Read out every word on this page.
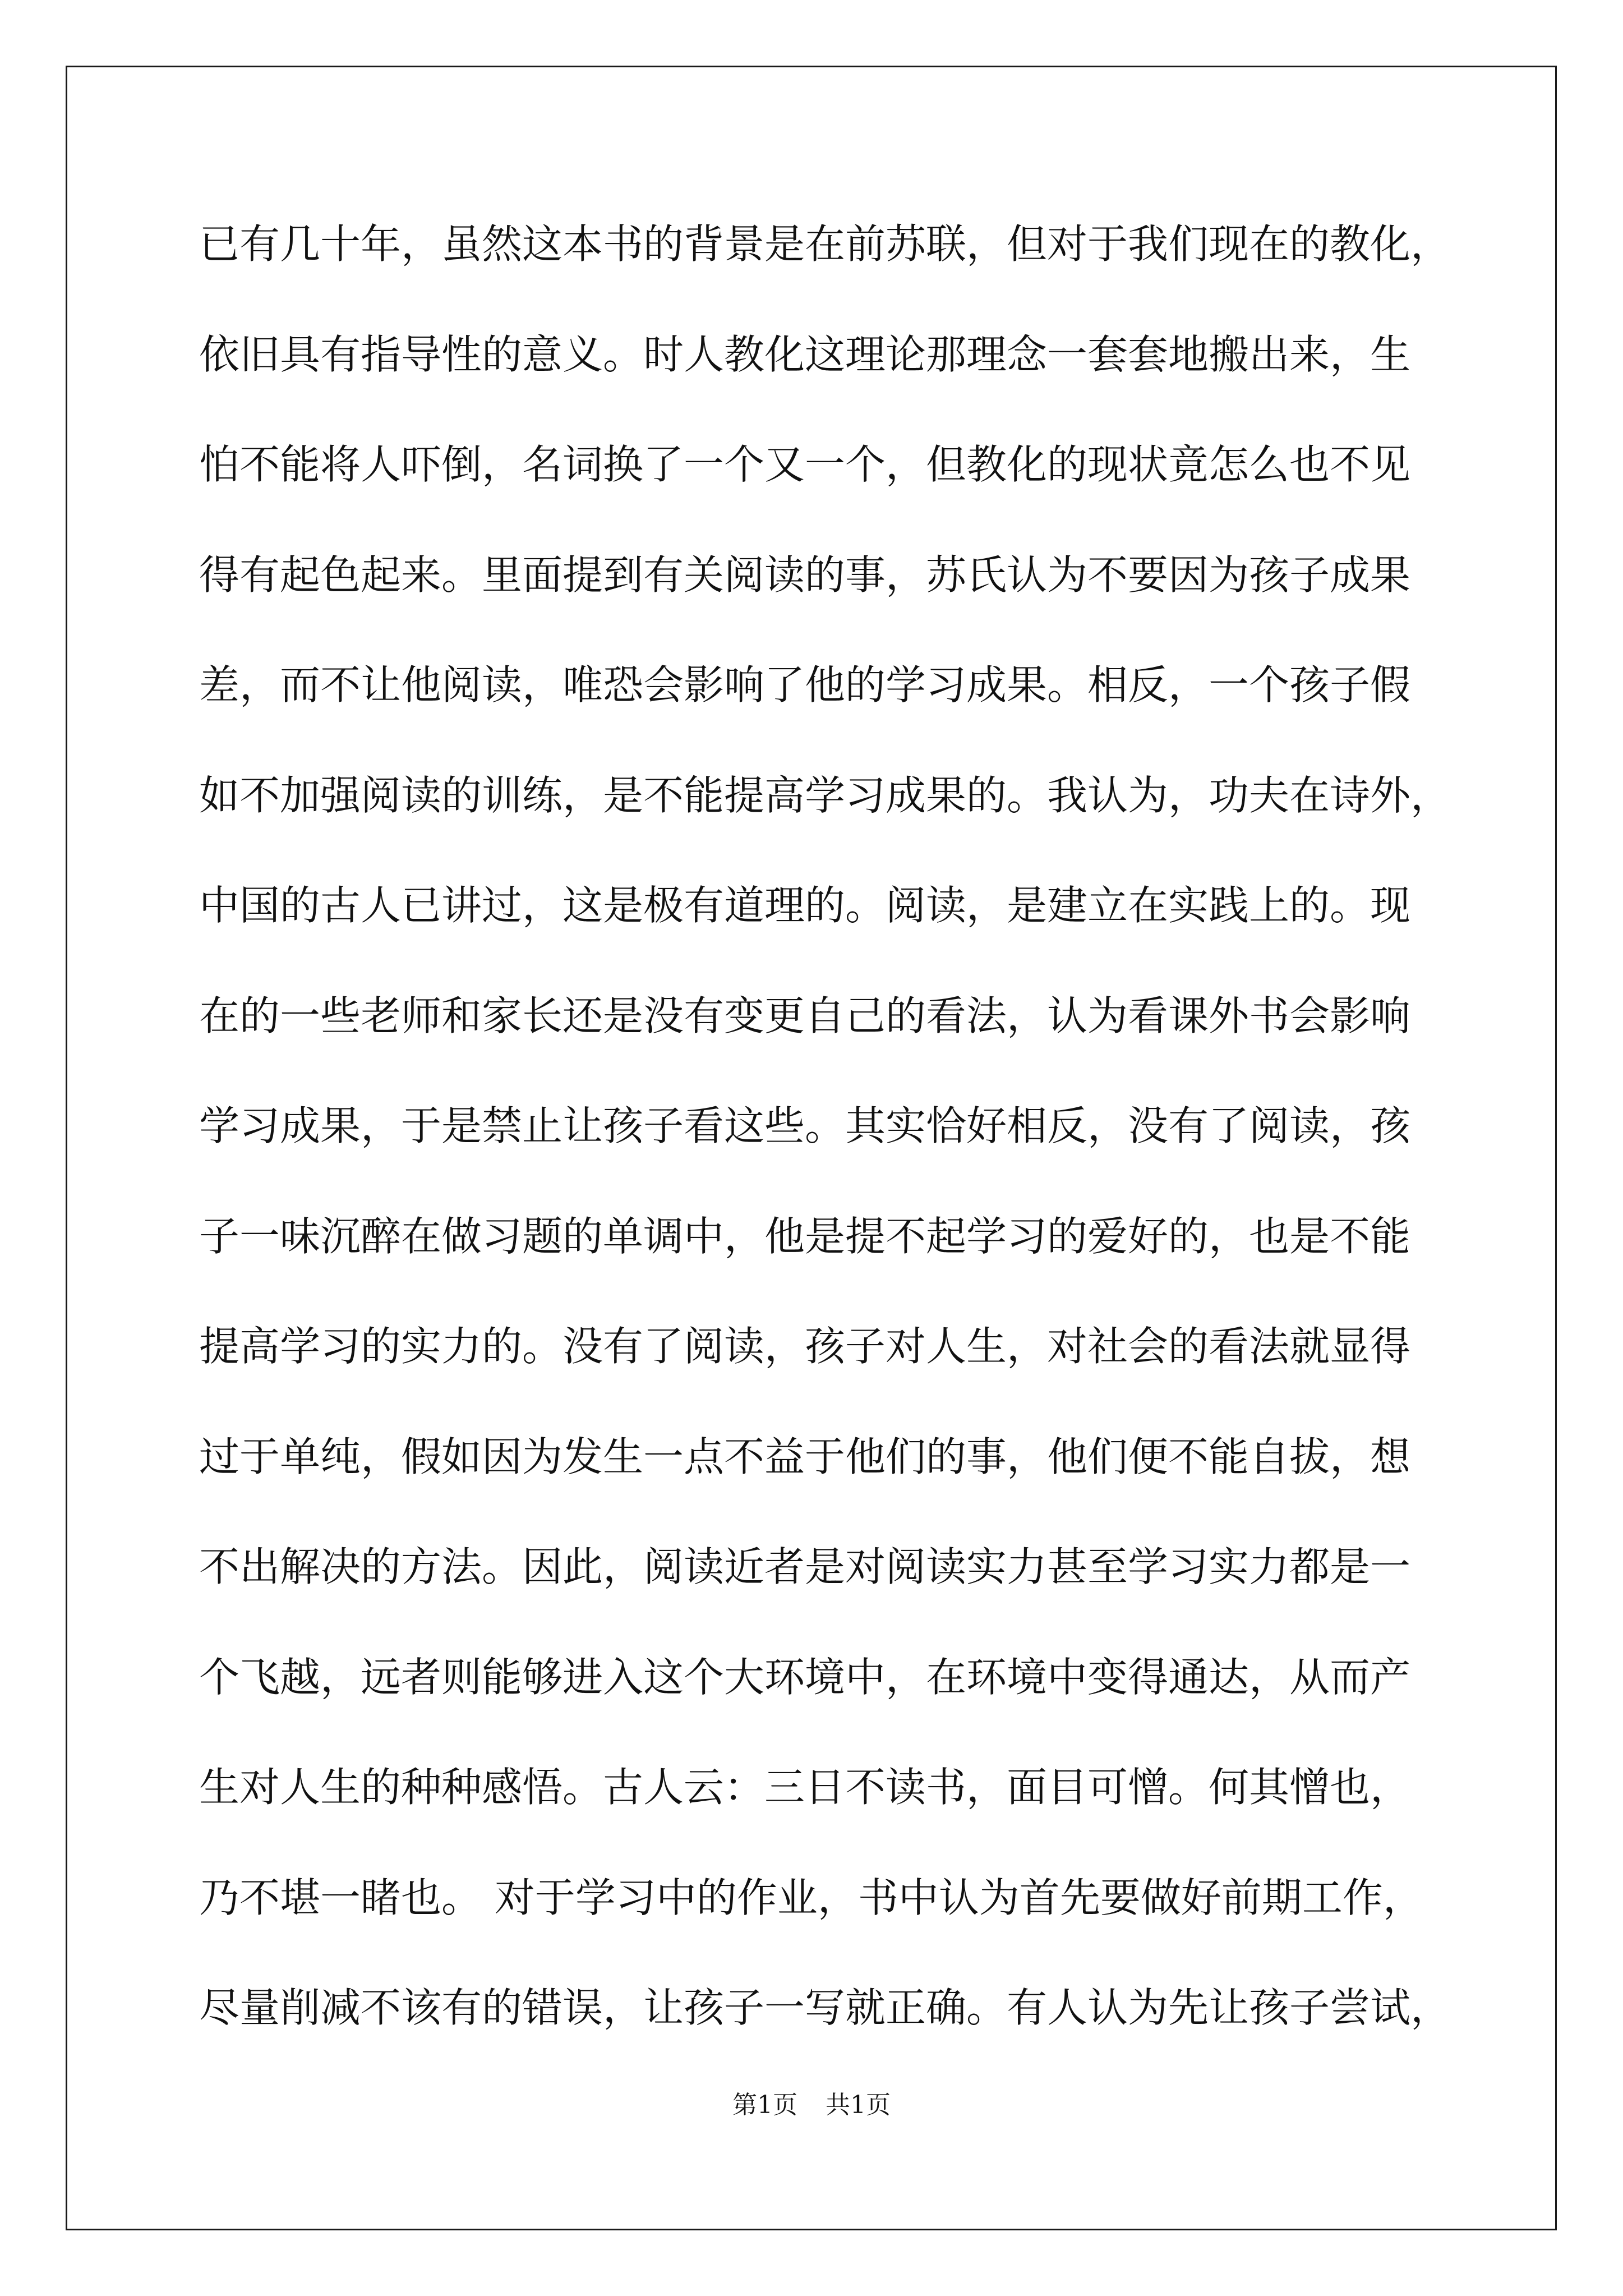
已有几十年，虽然这本书的背景是在前苏联，但对于我们现在的教化，
依旧具有指导性的意义。时人教化这理论那理念一套套地搬出来，生
怕不能将人吓倒，名词换了一个又一个，但教化的现状竟怎么也不见
得有起色起来。里面提到有关阅读的事，苏氏认为不要因为孩子成果
差，而不让他阅读，唯恐会影响了他的学习成果。相反，一个孩子假
如不加强阅读的训练，是不能提高学习成果的。我认为，功夫在诗外，
中国的古人已讲过，这是极有道理的。阅读，是建立在实践上的。现
在的一些老师和家长还是没有变更自己的看法，认为看课外书会影响
学习成果，于是禁止让孩子看这些。其实恰好相反，没有了阅读，孩
子一味沉醉在做习题的单调中，他是提不起学习的爱好的，也是不能
提高学习的实力的。没有了阅读，孩子对人生，对社会的看法就显得
过于单纯，假如因为发生一点不益于他们的事，他们便不能自拔，想
不出解决的方法。因此，阅读近者是对阅读实力甚至学习实力都是一
个飞越，远者则能够进入这个大环境中，在环境中变得通达，从而产
生对人生的种种感悟。古人云：三日不读书，面目可憎。何其憎也，
乃不堪一睹也。 对于学习中的作业，书中认为首先要做好前期工作，
尽量削减不该有的错误，让孩子一写就正确。有人认为先让孩子尝试，
第1页 共1页
